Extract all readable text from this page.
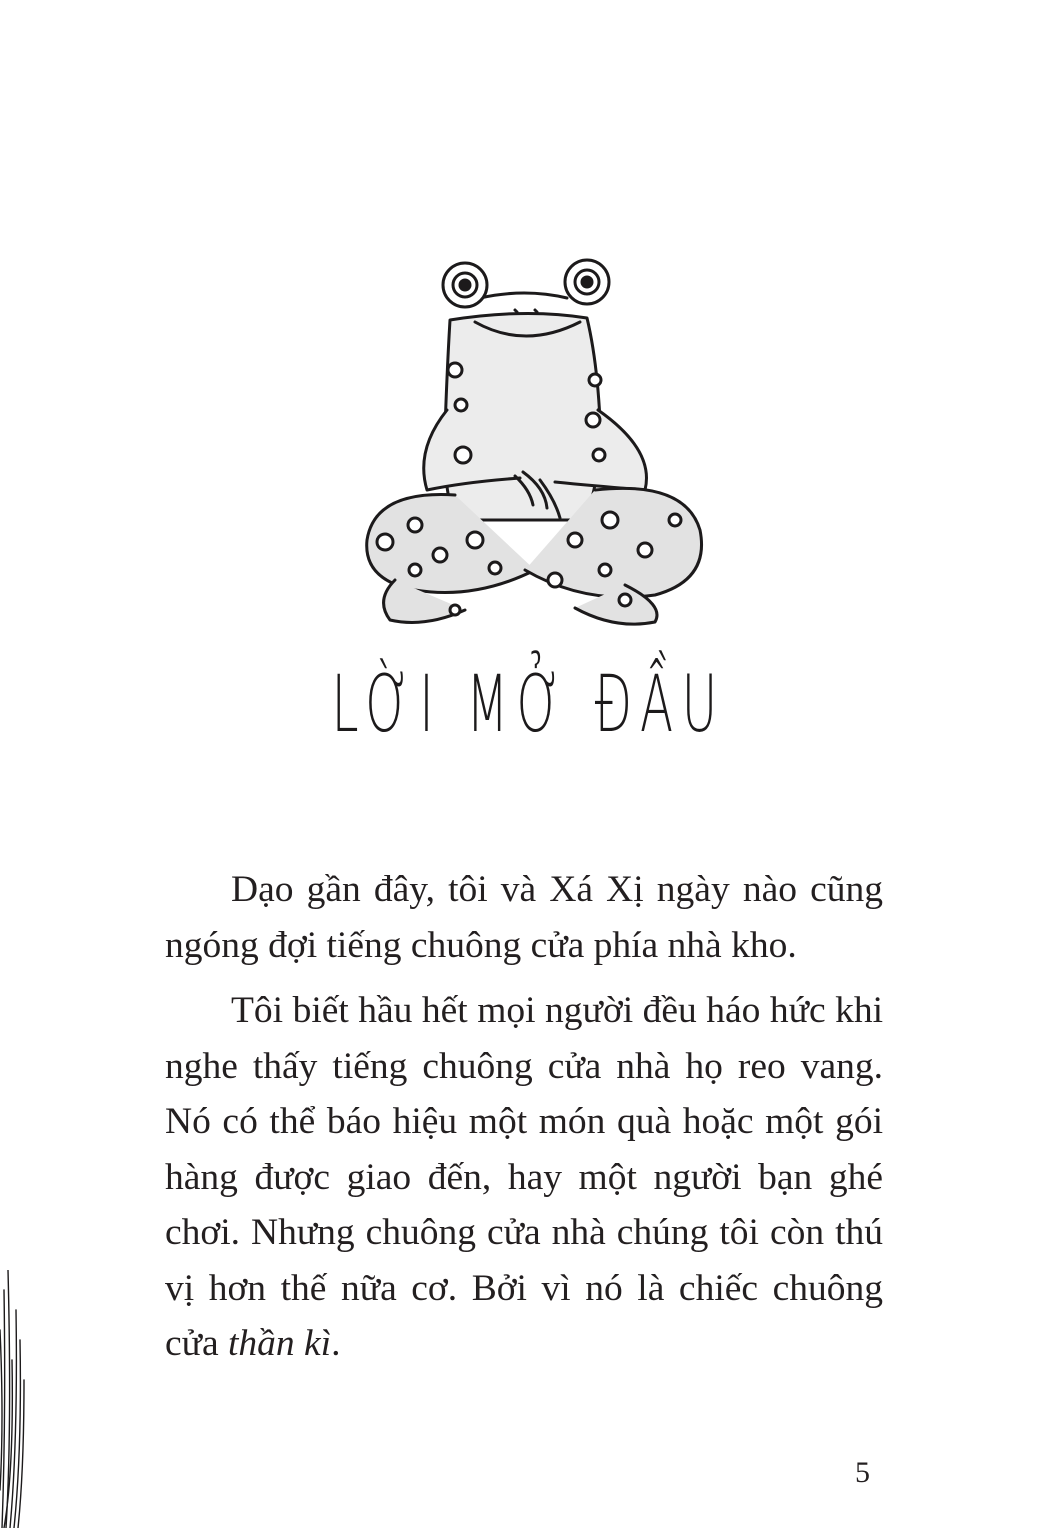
LỜI MỞ ĐẦU

Dạo gần đây, tôi và Xá Xị ngày nào cũng ngóng đợi tiếng chuông cửa phía nhà kho.

Tôi biết hầu hết mọi người đều háo hức khi nghe thấy tiếng chuông cửa nhà họ reo vang. Nó có thể báo hiệu một món quà hoặc một gói hàng được giao đến, hay một người bạn ghé chơi. Nhưng chuông cửa nhà chúng tôi còn thú vị hơn thế nữa cơ. Bởi vì nó là chiếc chuông cửa thần kì.

5
